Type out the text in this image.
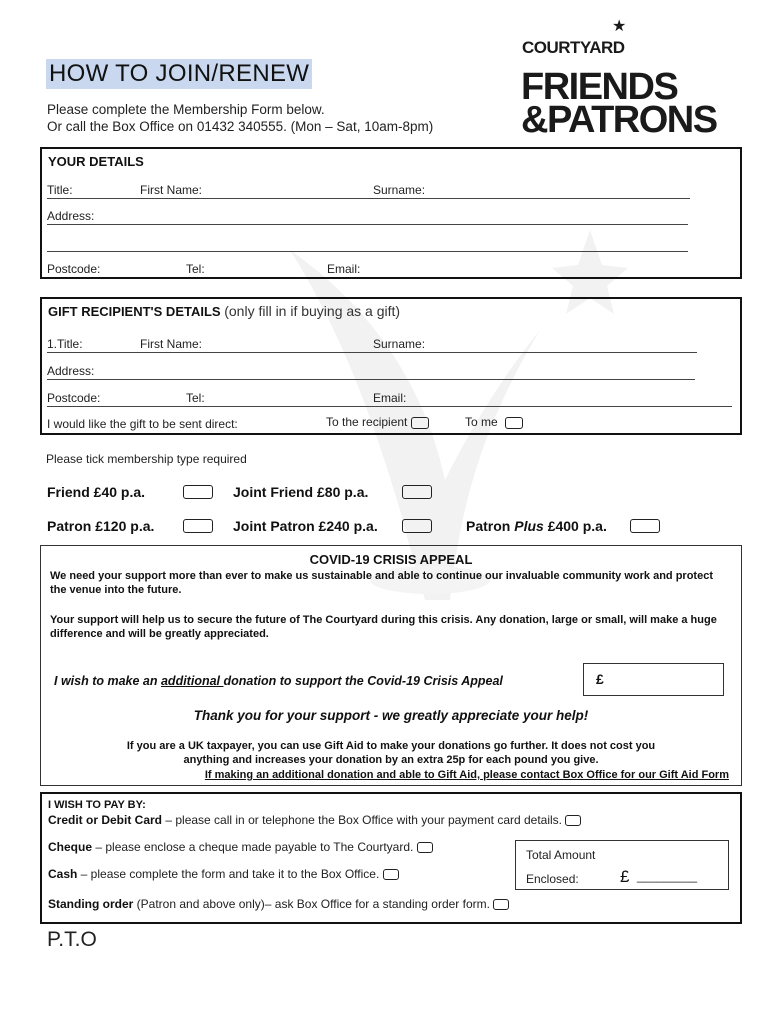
HOW TO JOIN/RENEW
Please complete the Membership Form below.
Or call the Box Office on 01432 340555. (Mon – Sat, 10am-8pm)
★
COURTYARD
FRIENDS
&PATRONS
YOUR DETAILS
Title:	First Name:	Surname:
Address:
Postcode:	Tel:	Email:
GIFT RECIPIENT'S DETAILS (only fill in if buying as a gift)
1.Title:	First Name:	Surname:
Address:
Postcode:	Tel:	Email:
I would like the gift to be sent direct:	To the recipient	To me
Please tick membership type required
Friend £40 p.a.	Joint Friend £80 p.a.
Patron £120 p.a.	Joint Patron £240 p.a.	Patron Plus £400 p.a.
COVID-19 CRISIS APPEAL
We need your support more than ever to make us sustainable and able to continue our invaluable community work and protect the venue into the future.
Your support will help us to secure the future of The Courtyard during this crisis. Any donation, large or small, will make a huge difference and will be greatly appreciated.
I wish to make an additional donation to support the Covid-19 Crisis Appeal	£
Thank you for your support - we greatly appreciate your help!
If you are a UK taxpayer, you can use Gift Aid to make your donations go further. It does not cost you
anything and increases your donation by an extra 25p for each pound you give.
If making an additional donation and able to Gift Aid, please contact Box Office for our Gift Aid Form
I WISH TO PAY BY:
Credit or Debit Card – please call in or telephone the Box Office with your payment card details.
Cheque – please enclose a cheque made payable to The Courtyard.
Cash – please complete the form and take it to the Box Office.
Standing order (Patron and above only)– ask Box Office for a standing order form.
Total Amount
Enclosed: £ _________
P.T.O
